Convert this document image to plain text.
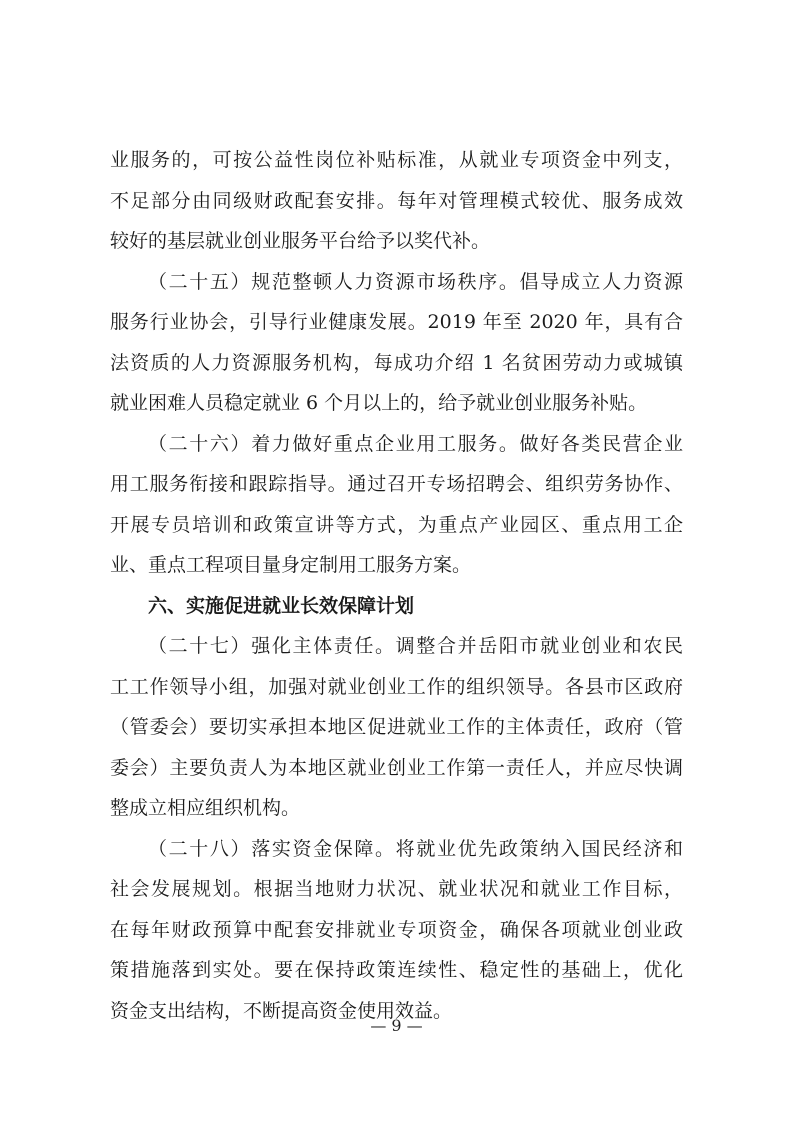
业服务的，可按公益性岗位补贴标准，从就业专项资金中列支，
不足部分由同级财政配套安排。每年对管理模式较优、服务成效
较好的基层就业创业服务平台给予以奖代补。
（二十五）规范整顿人力资源市场秩序。倡导成立人力资源
服务行业协会，引导行业健康发展。2019 年至 2020 年，具有合
法资质的人力资源服务机构，每成功介绍 1 名贫困劳动力或城镇
就业困难人员稳定就业 6 个月以上的，给予就业创业服务补贴。
（二十六）着力做好重点企业用工服务。做好各类民营企业
用工服务衔接和跟踪指导。通过召开专场招聘会、组织劳务协作、
开展专员培训和政策宣讲等方式，为重点产业园区、重点用工企
业、重点工程项目量身定制用工服务方案。
六、实施促进就业长效保障计划
（二十七）强化主体责任。调整合并岳阳市就业创业和农民
工工作领导小组，加强对就业创业工作的组织领导。各县市区政府
（管委会）要切实承担本地区促进就业工作的主体责任，政府（管
委会）主要负责人为本地区就业创业工作第一责任人，并应尽快调
整成立相应组织机构。
（二十八）落实资金保障。将就业优先政策纳入国民经济和
社会发展规划。根据当地财力状况、就业状况和就业工作目标，
在每年财政预算中配套安排就业专项资金，确保各项就业创业政
策措施落到实处。要在保持政策连续性、稳定性的基础上，优化
资金支出结构，不断提高资金使用效益。
— 9 —
